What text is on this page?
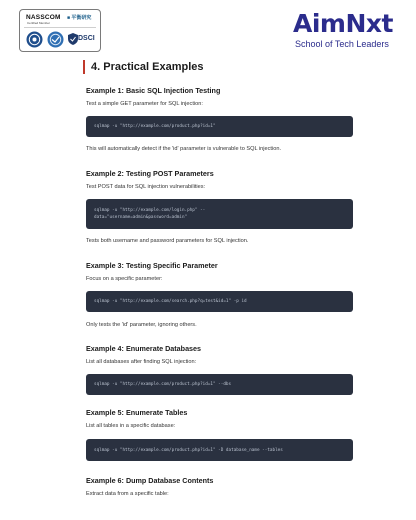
NASSCOM
Certified Member
■ 平衡研究
DSCI
AimNxt
School of Tech Leaders
4. Practical Examples
Example 1: Basic SQL Injection Testing
Test a simple GET parameter for SQL injection:
sqlmap -u "http://example.com/product.php?id=1"
This will automatically detect if the 'id' parameter is vulnerable to SQL injection.
Example 2: Testing POST Parameters
Test POST data for SQL injection vulnerabilities:
sqlmap -u "http://example.com/login.php" --
data="username=admin&password=admin"
Tests both username and password parameters for SQL injection.
Example 3: Testing Specific Parameter
Focus on a specific parameter:
sqlmap -u "http://example.com/search.php?q=test&id=1" -p id
Only tests the 'id' parameter, ignoring others.
Example 4: Enumerate Databases
List all databases after finding SQL injection:
sqlmap -u "http://example.com/product.php?id=1" --dbs
Example 5: Enumerate Tables
List all tables in a specific database:
sqlmap -u "http://example.com/product.php?id=1" -D database_name --tables
Example 6: Dump Database Contents
Extract data from a specific table:
